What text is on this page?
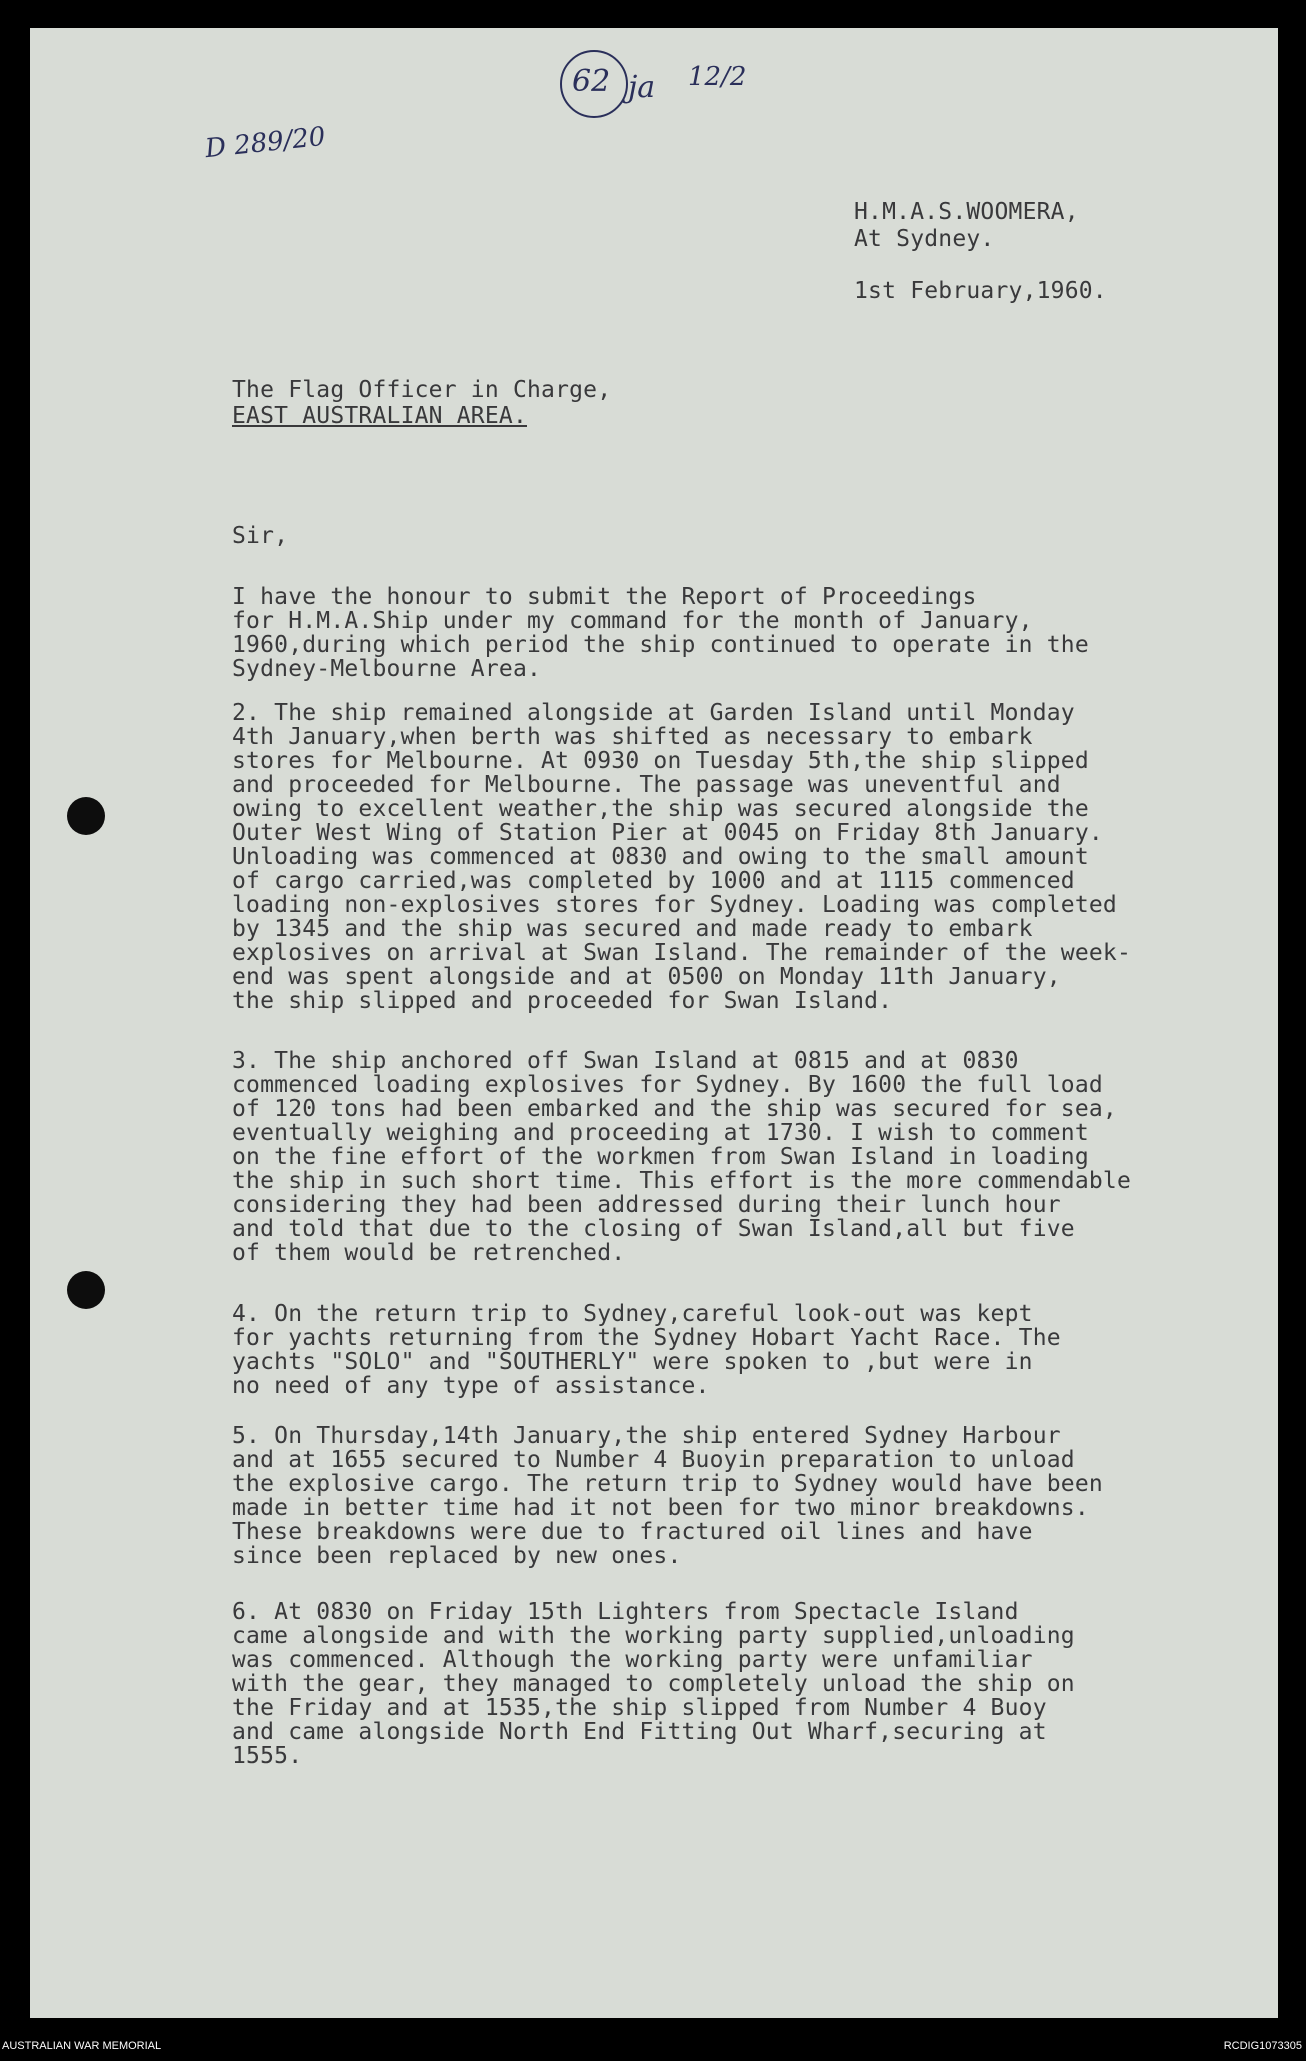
62 ja 12/2
D 289/20
H.M.A.S.WOOMERA,
At Sydney.
1st February,1960.
The Flag Officer in Charge,
EAST AUSTRALIAN AREA.
Sir,
I have the honour to submit the Report of Proceedings
for H.M.A.Ship under my command for the month of January,
1960,during which period the ship continued to operate in the
Sydney-Melbourne Area.
2. The ship remained alongside at Garden Island until Monday
4th January,when berth was shifted as necessary to embark
stores for Melbourne. At 0930 on Tuesday 5th,the ship slipped
and proceeded for Melbourne. The passage was uneventful and
owing to excellent weather,the ship was secured alongside the
Outer West Wing of Station Pier at 0045 on Friday 8th January.
Unloading was commenced at 0830 and owing to the small amount
of cargo carried,was completed by 1000 and at 1115 commenced
loading non-explosives stores for Sydney. Loading was completed
by 1345 and the ship was secured and made ready to embark
explosives on arrival at Swan Island. The remainder of the week-
end was spent alongside and at 0500 on Monday 11th January,
the ship slipped and proceeded for Swan Island.
3. The ship anchored off Swan Island at 0815 and at 0830
commenced loading explosives for Sydney. By 1600 the full load
of 120 tons had been embarked and the ship was secured for sea,
eventually weighing and proceeding at 1730. I wish to comment
on the fine effort of the workmen from Swan Island in loading
the ship in such short time. This effort is the more commendable
considering they had been addressed during their lunch hour
and told that due to the closing of Swan Island,all but five
of them would be retrenched.
4. On the return trip to Sydney,careful look-out was kept
for yachts returning from the Sydney Hobart Yacht Race. The
yachts "SOLO" and "SOUTHERLY" were spoken to ,but were in
no need of any type of assistance.
5. On Thursday,14th January,the ship entered Sydney Harbour
and at 1655 secured to Number 4 Buoyin preparation to unload
the explosive cargo. The return trip to Sydney would have been
made in better time had it not been for two minor breakdowns.
These breakdowns were due to fractured oil lines and have
since been replaced by new ones.
6. At 0830 on Friday 15th Lighters from Spectacle Island
came alongside and with the working party supplied,unloading
was commenced. Although the working party were unfamiliar
with the gear, they managed to completely unload the ship on
the Friday and at 1535,the ship slipped from Number 4 Buoy
and came alongside North End Fitting Out Wharf,securing at
1555.
AUSTRALIAN WAR MEMORIAL	RCDIG1073305
